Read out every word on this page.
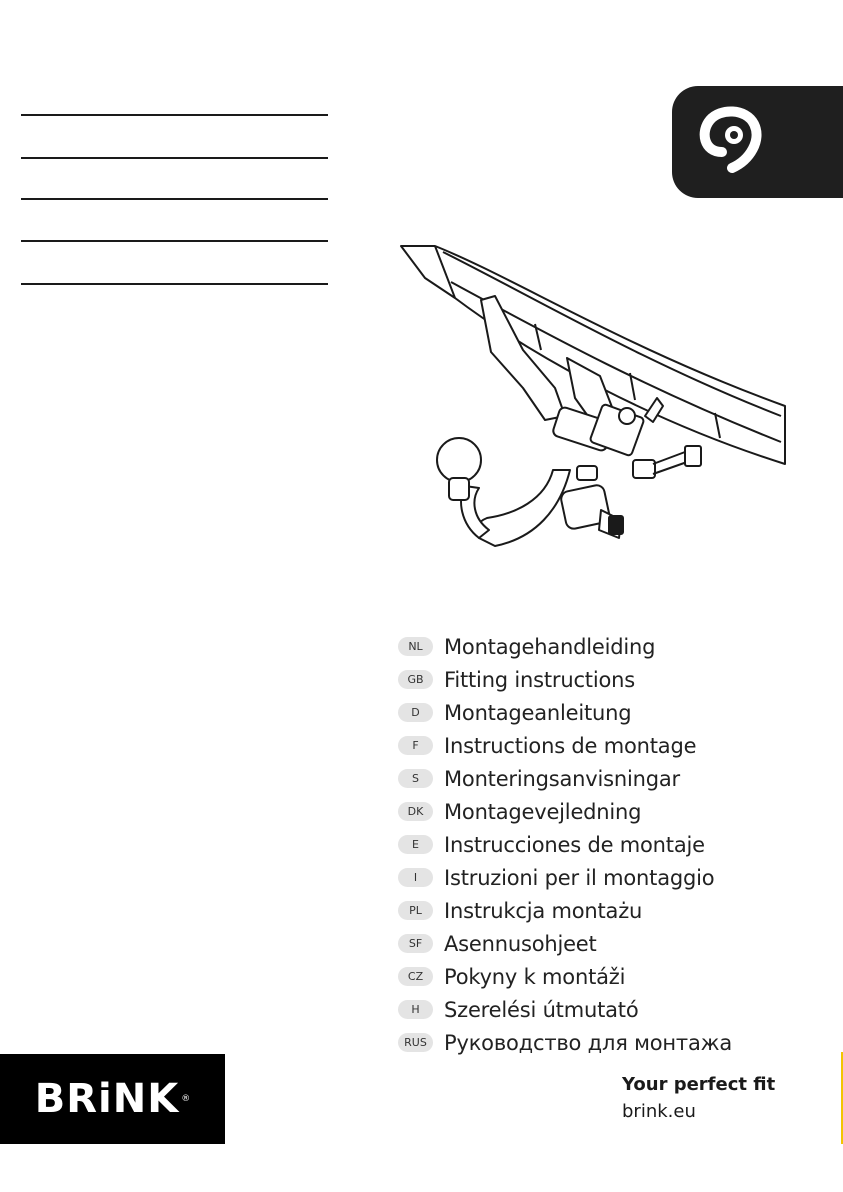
NL	Montagehandleiding
GB Fitting instructions
D	Montageanleitung
F	Instructions de montage
S	Monteringsanvisningar
DK Montagevejledning
E	Instrucciones de montaje
I	Istruzioni per il montaggio
PL	Instrukcja montażu
SF	Asennusohjeet
CZ Pokyny k montáži
H	Szerelési útmutató
RUS Руководство для монтажа
BRiNK ®
Your perfect fit
brink.eu
